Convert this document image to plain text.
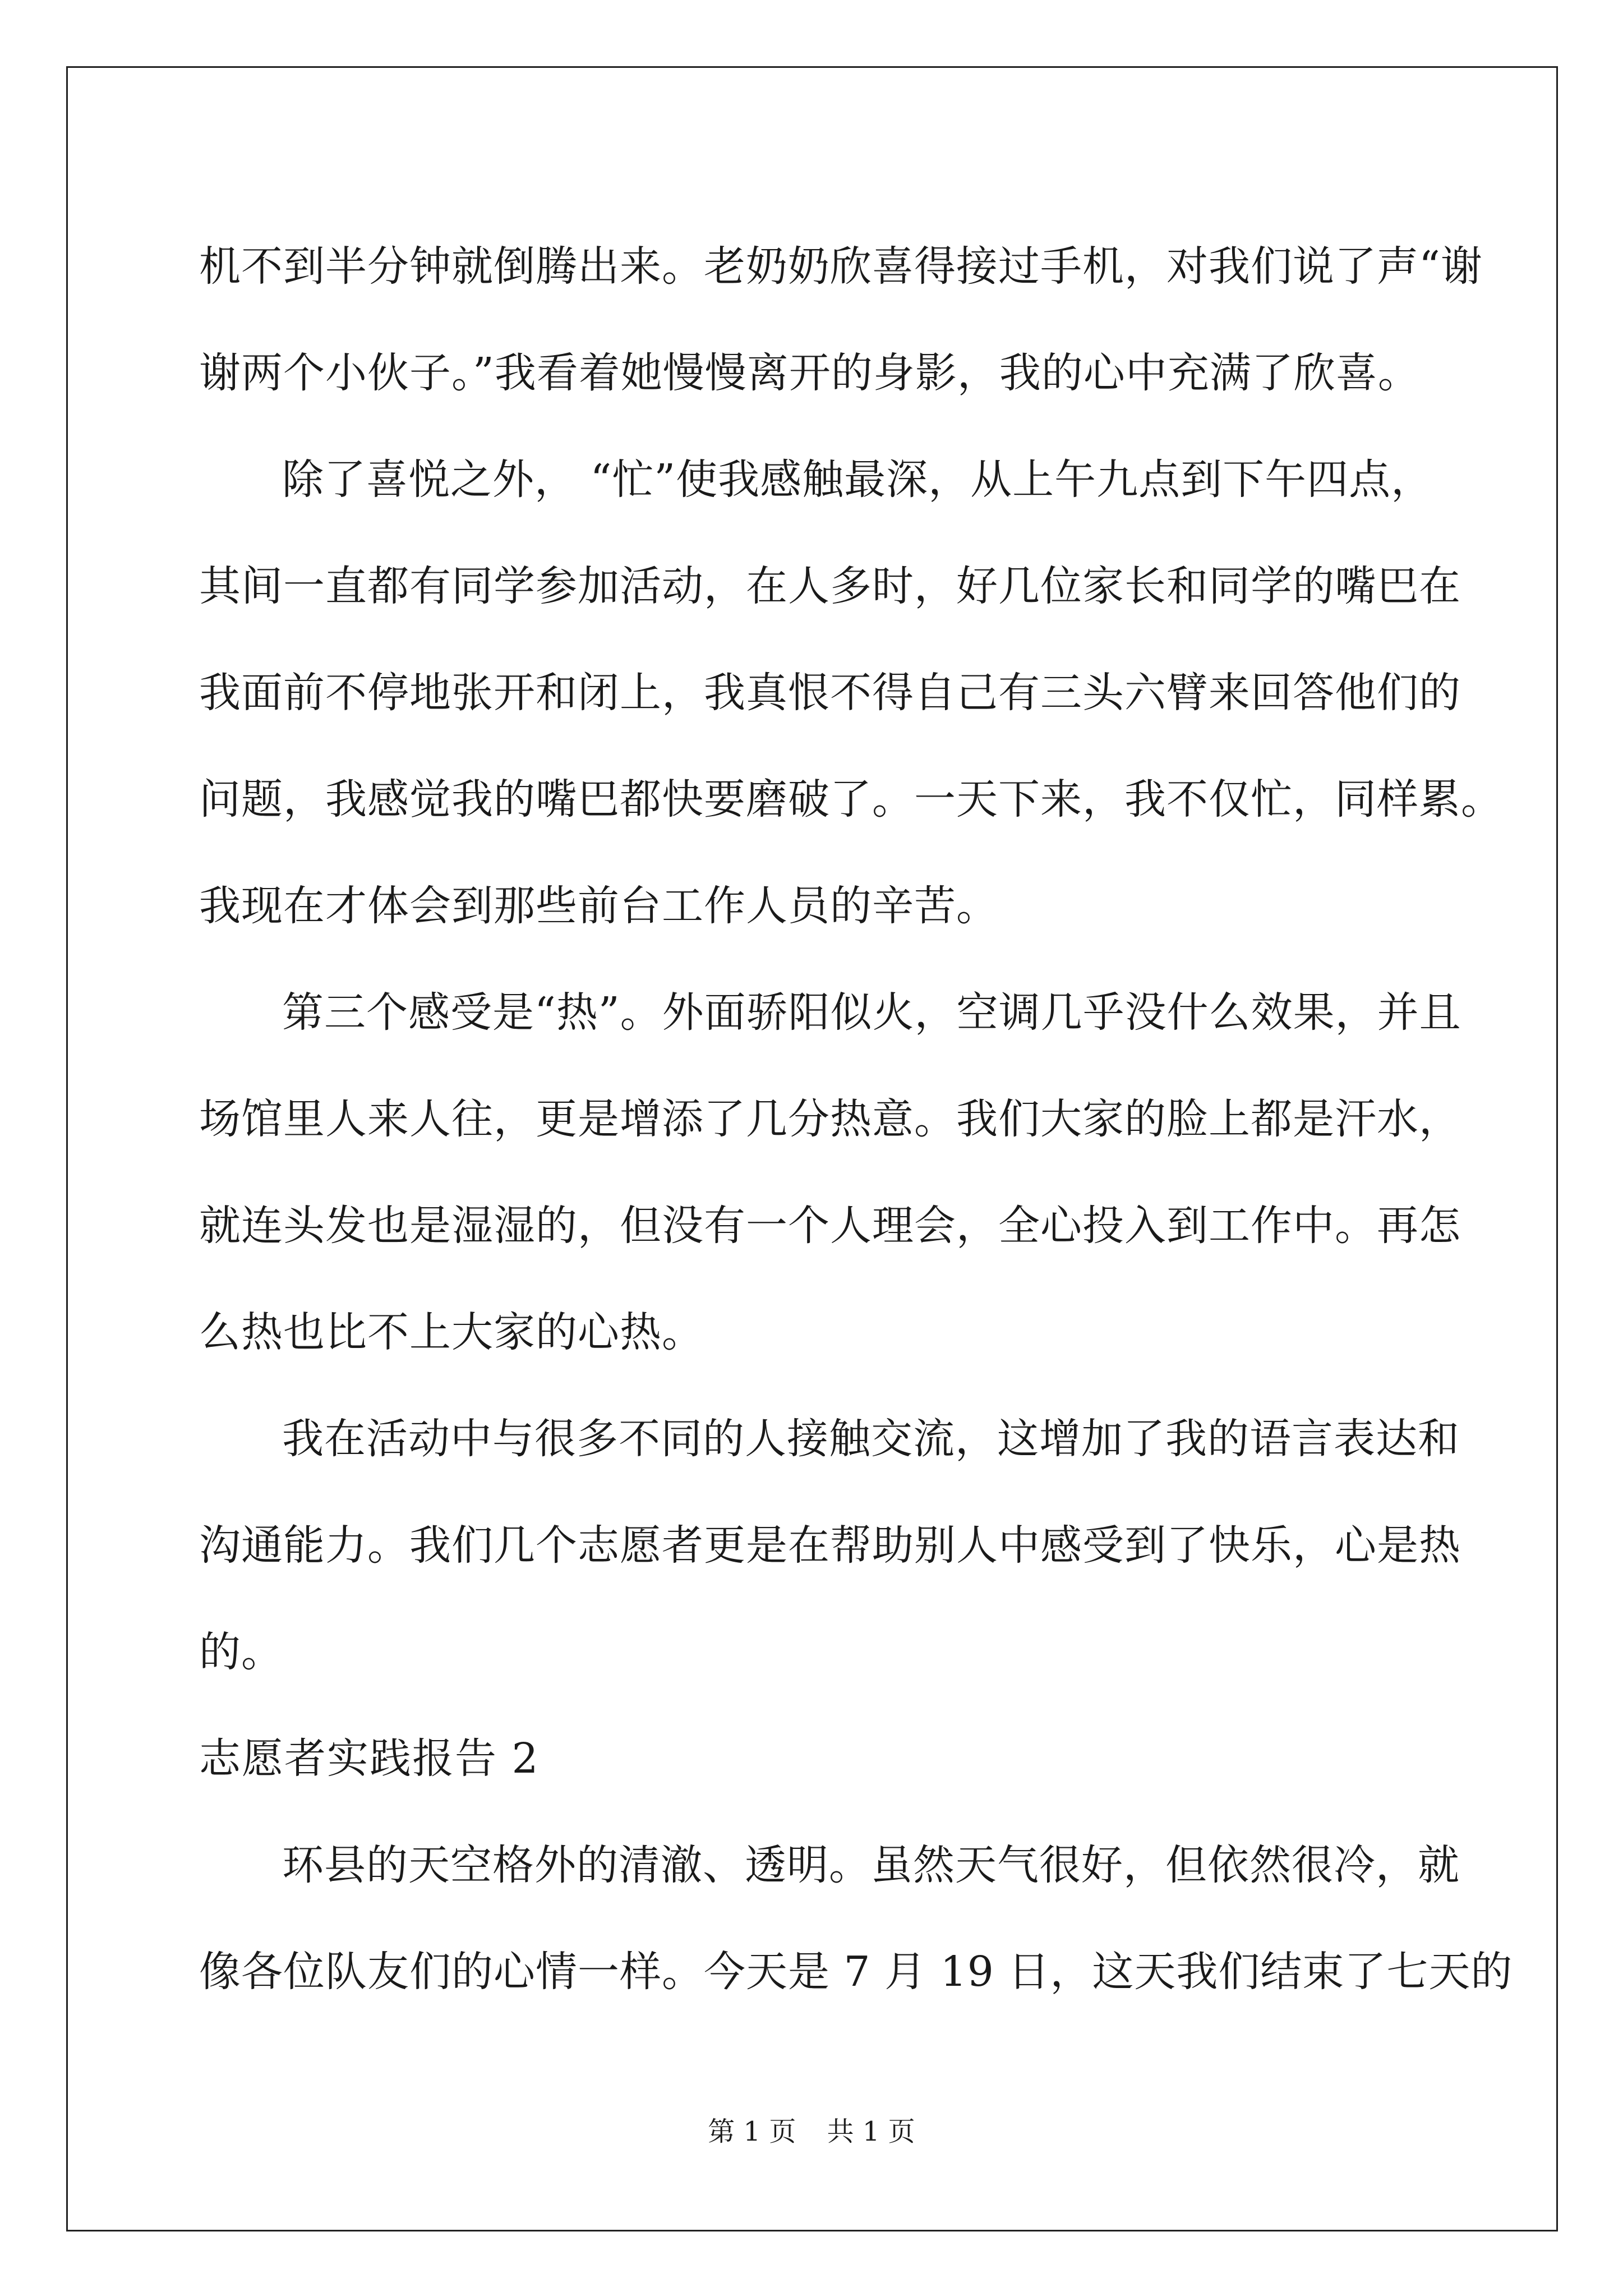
机不到半分钟就倒腾出来。老奶奶欣喜得接过手机，对我们说了声“谢
谢两个小伙子。”我看着她慢慢离开的身影，我的心中充满了欣喜。
除了喜悦之外， “忙”使我感触最深，从上午九点到下午四点，
其间一直都有同学参加活动，在人多时，好几位家长和同学的嘴巴在
我面前不停地张开和闭上，我真恨不得自己有三头六臂来回答他们的
问题，我感觉我的嘴巴都快要磨破了。一天下来，我不仅忙，同样累。
我现在才体会到那些前台工作人员的辛苦。
第三个感受是“热”。外面骄阳似火，空调几乎没什么效果，并且
场馆里人来人往，更是增添了几分热意。我们大家的脸上都是汗水，
就连头发也是湿湿的，但没有一个人理会，全心投入到工作中。再怎
么热也比不上大家的心热。
我在活动中与很多不同的人接触交流，这增加了我的语言表达和
沟通能力。我们几个志愿者更是在帮助别人中感受到了快乐，心是热
的。
志愿者实践报告 2
环县的天空格外的清澈、透明。虽然天气很好，但依然很冷，就
像各位队友们的心情一样。今天是 7 月 19 日，这天我们结束了七天的
第 1 页 共 1 页
